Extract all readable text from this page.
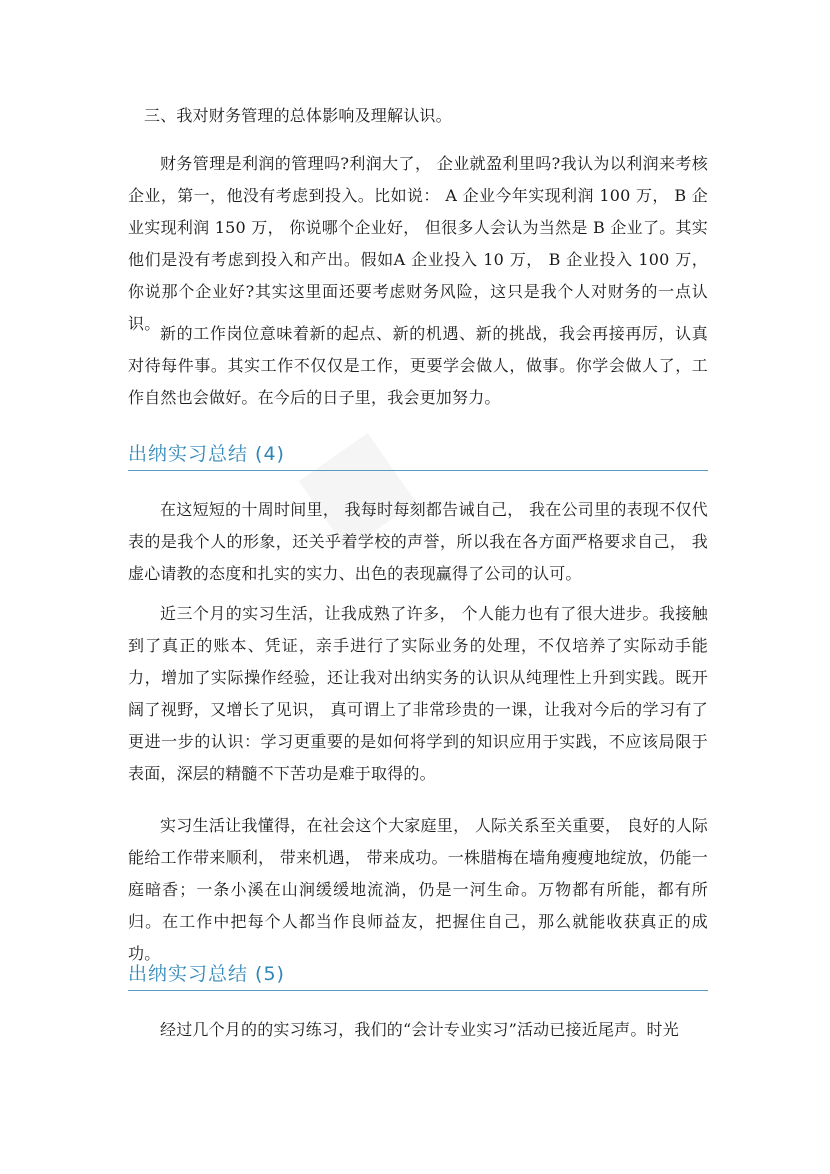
■

三、我对财务管理的总体影响及理解认识。

财务管理是利润的管理吗?利润大了， 企业就盈利里吗?我认为以利润来考核企业，第一，他没有考虑到投入。比如说： A 企业今年实现利润 100 万， B 企业实现利润 150 万， 你说哪个企业好， 但很多人会认为当然是 B 企业了。其实他们是没有考虑到投入和产出。假如A 企业投入 10 万， B 企业投入 100 万，你说那个企业好?其实这里面还要考虑财务风险，这只是我个人对财务的一点认识。

新的工作岗位意味着新的起点、新的机遇、新的挑战，我会再接再厉，认真对待每件事。其实工作不仅仅是工作，更要学会做人，做事。你学会做人了，工作自然也会做好。在今后的日子里，我会更加努力。

出纳实习总结 (4)

在这短短的十周时间里， 我每时每刻都告诫自己， 我在公司里的表现不仅代表的是我个人的形象，还关乎着学校的声誉，所以我在各方面严格要求自己， 我虚心请教的态度和扎实的实力、出色的表现赢得了公司的认可。

近三个月的实习生活，让我成熟了许多， 个人能力也有了很大进步。我接触到了真正的账本、凭证，亲手进行了实际业务的处理，不仅培养了实际动手能力，增加了实际操作经验，还让我对出纳实务的认识从纯理性上升到实践。既开阔了视野，又增长了见识， 真可谓上了非常珍贵的一课，让我对今后的学习有了更进一步的认识：学习更重要的是如何将学到的知识应用于实践，不应该局限于表面，深层的精髓不下苦功是难于取得的。

实习生活让我懂得，在社会这个大家庭里， 人际关系至关重要， 良好的人际能给工作带来顺利， 带来机遇， 带来成功。一株腊梅在墙角瘦瘦地绽放，仍能一庭暗香；一条小溪在山涧缓缓地流淌，仍是一河生命。万物都有所能，都有所归。在工作中把每个人都当作良师益友，把握住自己，那么就能收获真正的成功。

出纳实习总结 (5)

经过几个月的的实习练习，我们的“会计专业实习”活动已接近尾声。时光
